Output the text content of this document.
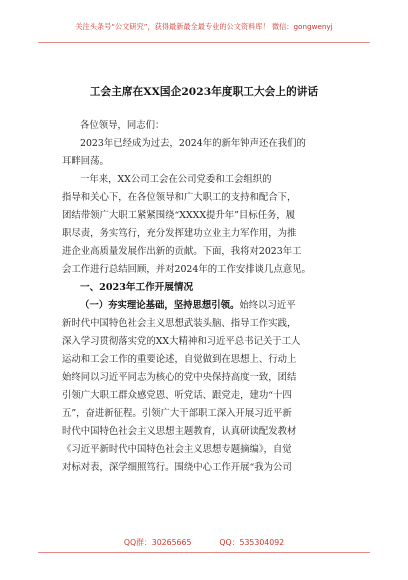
关注头条号“公文研究”，获得最新最全最专业的公文资料库！ 微信：gongwenyj
工会主席在XX国企2023年度职工大会上的讲话
各位领导，同志们：
2023年已经成为过去，2024年的新年钟声还在我们的
耳畔回荡。
一年来，XX公司工会在公司党委和工会组织的
指导和关心下，在各位领导和广大职工的支持和配合下，
团结带领广大职工紧紧围绕“XXXX提升年”目标任务，履
职尽责，务实笃行，充分发挥建功立业主力军作用，为推
进企业高质量发展作出新的贡献。下面，我将对2023年工
会工作进行总结回顾，并对2024年的工作安排谈几点意见。
一、2023年工作开展情况
（一）夯实理论基础，坚持思想引领。始终以习近平
新时代中国特色社会主义思想武装头脑、指导工作实践，
深入学习贯彻落实党的XX大精神和习近平总书记关于工人
运动和工会工作的重要论述，自觉做到在思想上、行动上
始终同以习近平同志为核心的党中央保持高度一致，团结
引领广大职工群众感党恩、听党话、跟党走，建功“十四
五”，奋进新征程。引领广大干部职工深入开展习近平新
时代中国特色社会主义思想主题教育，认真研读配发教材
《习近平新时代中国特色社会主义思想专题摘编》，自觉
对标对表，深学细照笃行。围绕中心工作开展“我为公司
QQ群：30265665	QQ：535304092
